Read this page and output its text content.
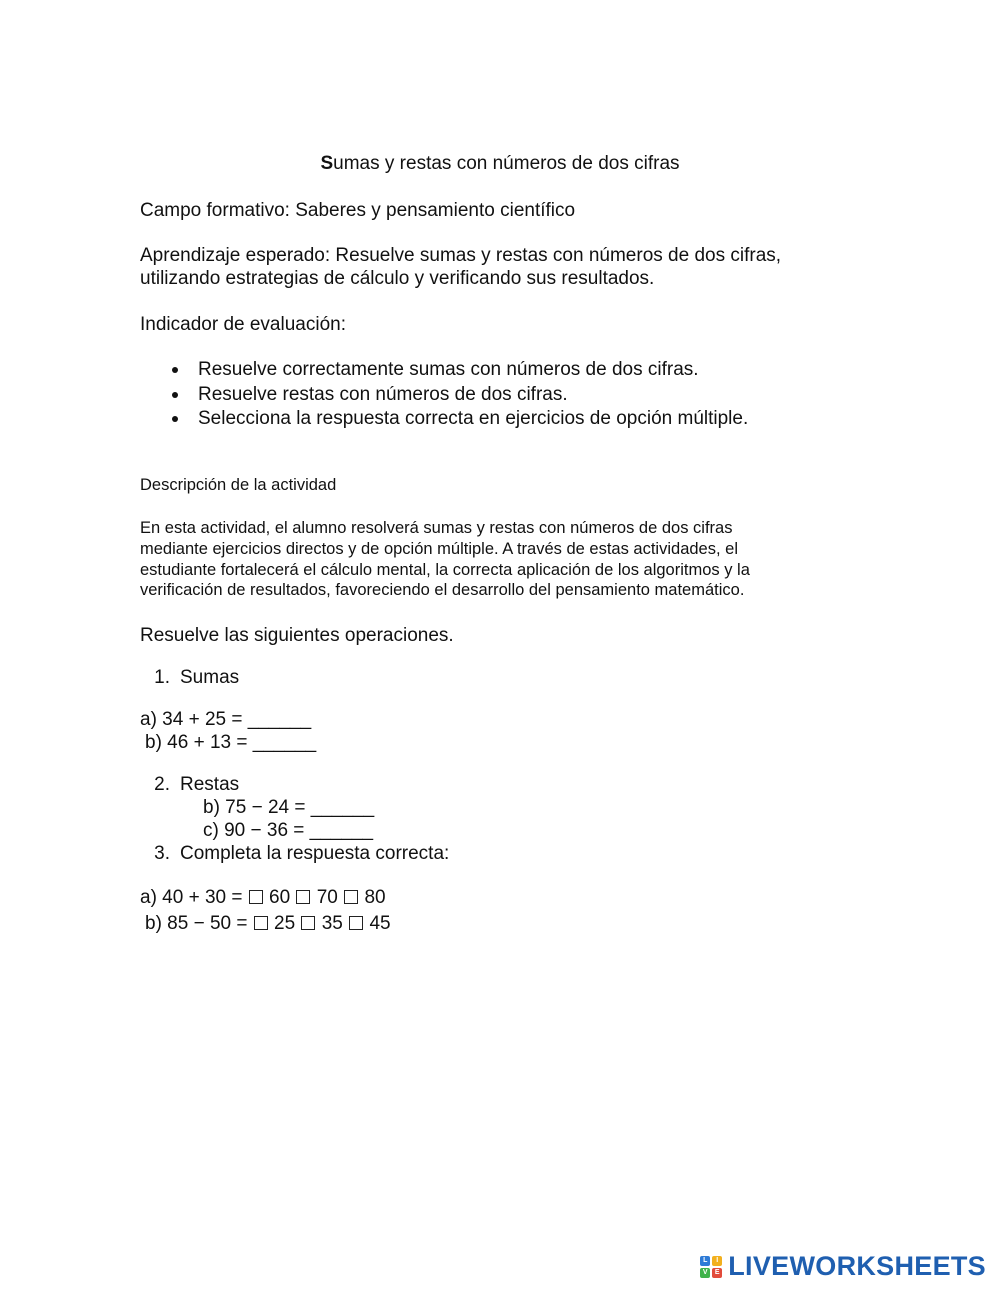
Sumas y restas con números de dos cifras
Campo formativo: Saberes y pensamiento científico
Aprendizaje esperado: Resuelve sumas y restas con números de dos cifras,
utilizando estrategias de cálculo y verificando sus resultados.
Indicador de evaluación:
Resuelve correctamente sumas con números de dos cifras.
Resuelve restas con números de dos cifras.
Selecciona la respuesta correcta en ejercicios de opción múltiple.
Descripción de la actividad
En esta actividad, el alumno resolverá sumas y restas con números de dos cifras
mediante ejercicios directos y de opción múltiple. A través de estas actividades, el
estudiante fortalecerá el cálculo mental, la correcta aplicación de los algoritmos y la
verificación de resultados, favoreciendo el desarrollo del pensamiento matemático.
Resuelve las siguientes operaciones.
1. Sumas
a) 34 + 25 = ______
b) 46 + 13 = ______
2. Restas
b) 75 − 24 = ______
c) 90 − 36 = ______
3. Completa la respuesta correcta:
a) 40 + 30 =  60 70 80
b) 85 − 50 =  25 35 45
L	I
V	E LIVEWORKSHEETS
